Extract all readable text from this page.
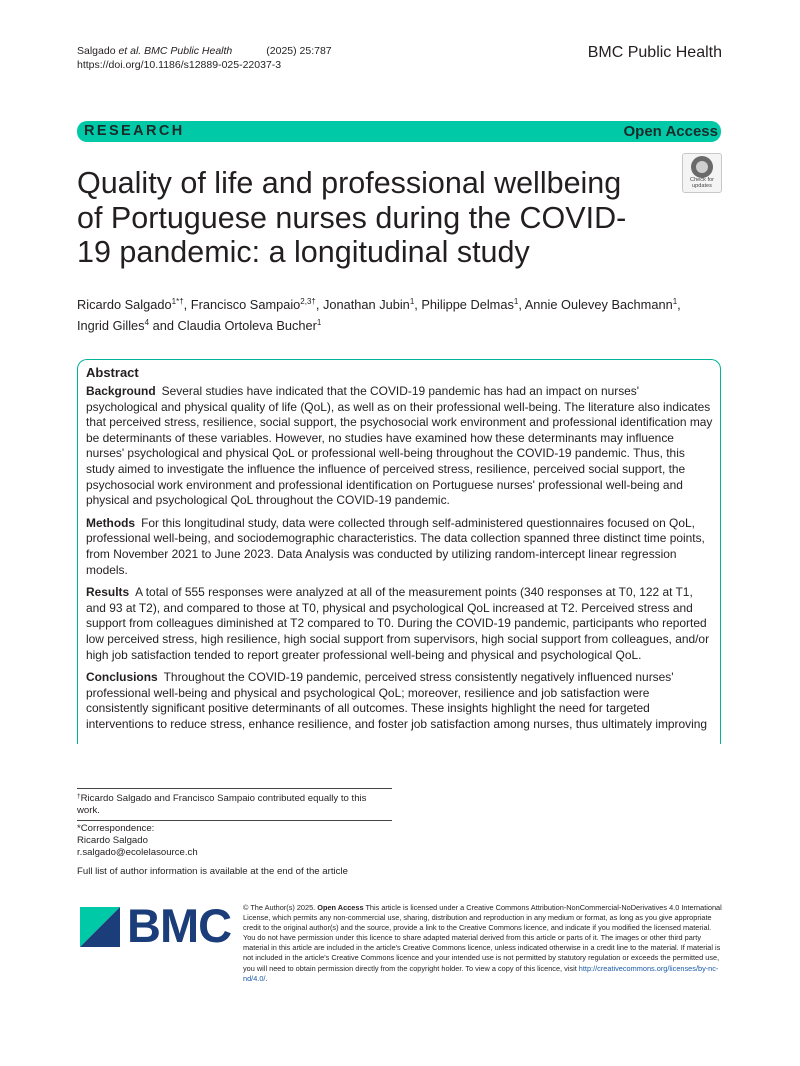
Salgado et al. BMC Public Health	(2025) 25:787
https://doi.org/10.1186/s12889-025-22037-3
BMC Public Health
RESEARCH	Open Access
Quality of life and professional wellbeing of Portuguese nurses during the COVID-19 pandemic: a longitudinal study
Check for
updates
Ricardo Salgado$^{1*\dagger}$, Francisco Sampaio$^{2,3\dagger}$, Jonathan Jubin$^1$, Philippe Delmas$^1$, Annie Oulevey Bachmann$^1$,
Ingrid Gilles$^4$ and Claudia Ortoleva Bucher$^1$
Abstract

Background Several studies have indicated that the COVID-19 pandemic has had an impact on nurses' psychological and physical quality of life (QoL), as well as on their professional well-being. The literature also indicates that perceived stress, resilience, social support, the psychosocial work environment and professional identification may be determinants of these variables. However, no studies have examined how these determinants may influence nurses' psychological and physical QoL or professional well-being throughout the COVID-19 pandemic. Thus, this study aimed to investigate the influence the influence of perceived stress, resilience, perceived social support, the psychosocial work environment and professional identification on Portuguese nurses' professional well-being and physical and psychological QoL throughout the COVID-19 pandemic.

Methods For this longitudinal study, data were collected through self-administered questionnaires focused on QoL, professional well-being, and sociodemographic characteristics. The data collection spanned three distinct time points, from November 2021 to June 2023. Data Analysis was conducted by utilizing random-intercept linear regression models.

Results A total of 555 responses were analyzed at all of the measurement points (340 responses at T0, 122 at T1, and 93 at T2), and compared to those at T0, physical and psychological QoL increased at T2. Perceived stress and support from colleagues diminished at T2 compared to T0. During the COVID-19 pandemic, participants who reported low perceived stress, high resilience, high social support from supervisors, high social support from colleagues, and/or high job satisfaction tended to report greater professional well-being and physical and psychological QoL.

Conclusions Throughout the COVID-19 pandemic, perceived stress consistently negatively influenced nurses' professional well-being and physical and psychological QoL; moreover, resilience and job satisfaction were consistently significant positive determinants of all outcomes. These insights highlight the need for targeted interventions to reduce stress, enhance resilience, and foster job satisfaction among nurses, thus ultimately improving

†Ricardo Salgado and Francisco Sampaio contributed equally to this work.
*Correspondence:
Ricardo Salgado
r.salgado@ecolelasource.ch
Full list of author information is available at the end of the article
BMC © The Author(s) 2025. Open Access This article is licensed under a Creative Commons Attribution-NonCommercial-NoDerivatives 4.0 International License, which permits any non-commercial use, sharing, distribution and reproduction in any medium or format, as long as you give appropriate credit to the original author(s) and the source, provide a link to the Creative Commons licence, and indicate if you modified the licensed material. You do not have permission under this licence to share adapted material derived from this article or parts of it. The images or other third party material in this article are included in the article's Creative Commons licence, unless indicated otherwise in a credit line to the material. If material is not included in the article's Creative Commons licence and your intended use is not permitted by statutory regulation or exceeds the permitted use, you will need to obtain permission directly from the copyright holder. To view a copy of this licence, visit http://creativecommons.org/licenses/by-nc-nd/4.0/.
